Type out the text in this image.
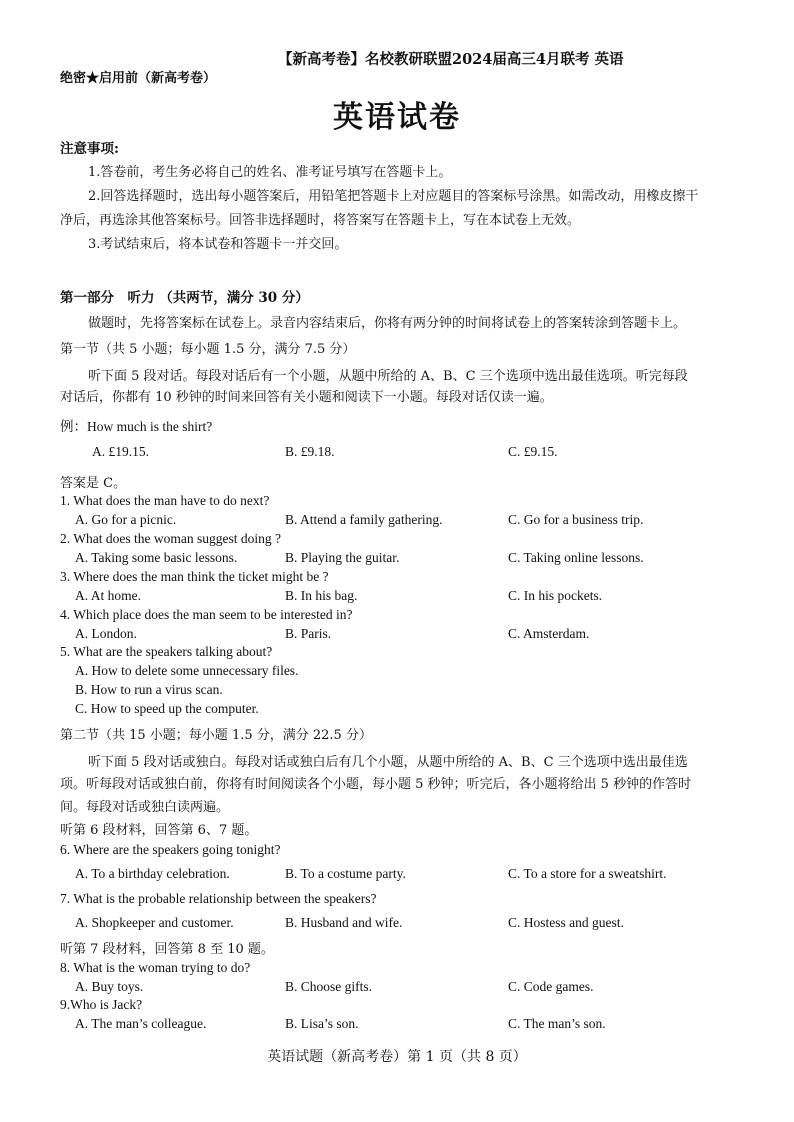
【新高考卷】名校教研联盟2024届高三4月联考 英语
绝密★启用前（新高考卷）
英语试卷
注意事项:
1.答卷前，考生务必将自己的姓名、准考证号填写在答题卡上。
2.回答选择题时，选出每小题答案后，用铅笔把答题卡上对应题目的答案标号涂黑。如需改动，用橡皮擦干
净后，再选涂其他答案标号。回答非选择题时，将答案写在答题卡上，写在本试卷上无效。
3.考试结束后，将本试卷和答题卡一并交回。
第一部分　听力 （共两节，满分 30 分）
做题时，先将答案标在试卷上。录音内容结束后，你将有两分钟的时间将试卷上的答案转涂到答题卡上。
第一节（共 5 小题；每小题 1.5 分，满分 7.5 分）
听下面 5 段对话。每段对话后有一个小题，从题中所给的 A、B、C 三个选项中选出最佳选项。听完每段
对话后，你都有 10 秒钟的时间来回答有关小题和阅读下一小题。每段对话仅读一遍。
例：How much is the shirt?
A. £19.15.	B. £9.18.	C. £9.15.
答案是 C。
1. What does the man have to do next?
A. Go for a picnic.	B. Attend a family gathering.	C. Go for a business trip.
2. What does the woman suggest doing ?
A. Taking some basic lessons.	B. Playing the guitar.	C. Taking online lessons.
3. Where does the man think the ticket might be ?
A. At home.	B. In his bag.	C. In his pockets.
4. Which place does the man seem to be interested in?
A. London.	B. Paris.	C. Amsterdam.
5. What are the speakers talking about?
A. How to delete some unnecessary files.
B. How to run a virus scan.
C. How to speed up the computer.
第二节（共 15 小题；每小题 1.5 分，满分 22.5 分）
听下面 5 段对话或独白。每段对话或独白后有几个小题，从题中所给的 A、B、C 三个选项中选出最佳选
项。听每段对话或独白前，你将有时间阅读各个小题，每小题 5 秒钟；听完后，各小题将给出 5 秒钟的作答时
间。每段对话或独白读两遍。
听第 6 段材料，回答第 6、7 题。
6. Where are the speakers going tonight?
A. To a birthday celebration.	B. To a costume party.	C. To a store for a sweatshirt.
7. What is the probable relationship between the speakers?
A. Shopkeeper and customer.	B. Husband and wife.	C. Hostess and guest.
听第 7 段材料，回答第 8 至 10 题。
8. What is the woman trying to do?
A. Buy toys.	B. Choose gifts.	C. Code games.
9.Who is Jack?
A. The man’s colleague.	B. Lisa’s son.	C. The man’s son.
英语试题（新高考卷）第 1 页（共 8 页）
